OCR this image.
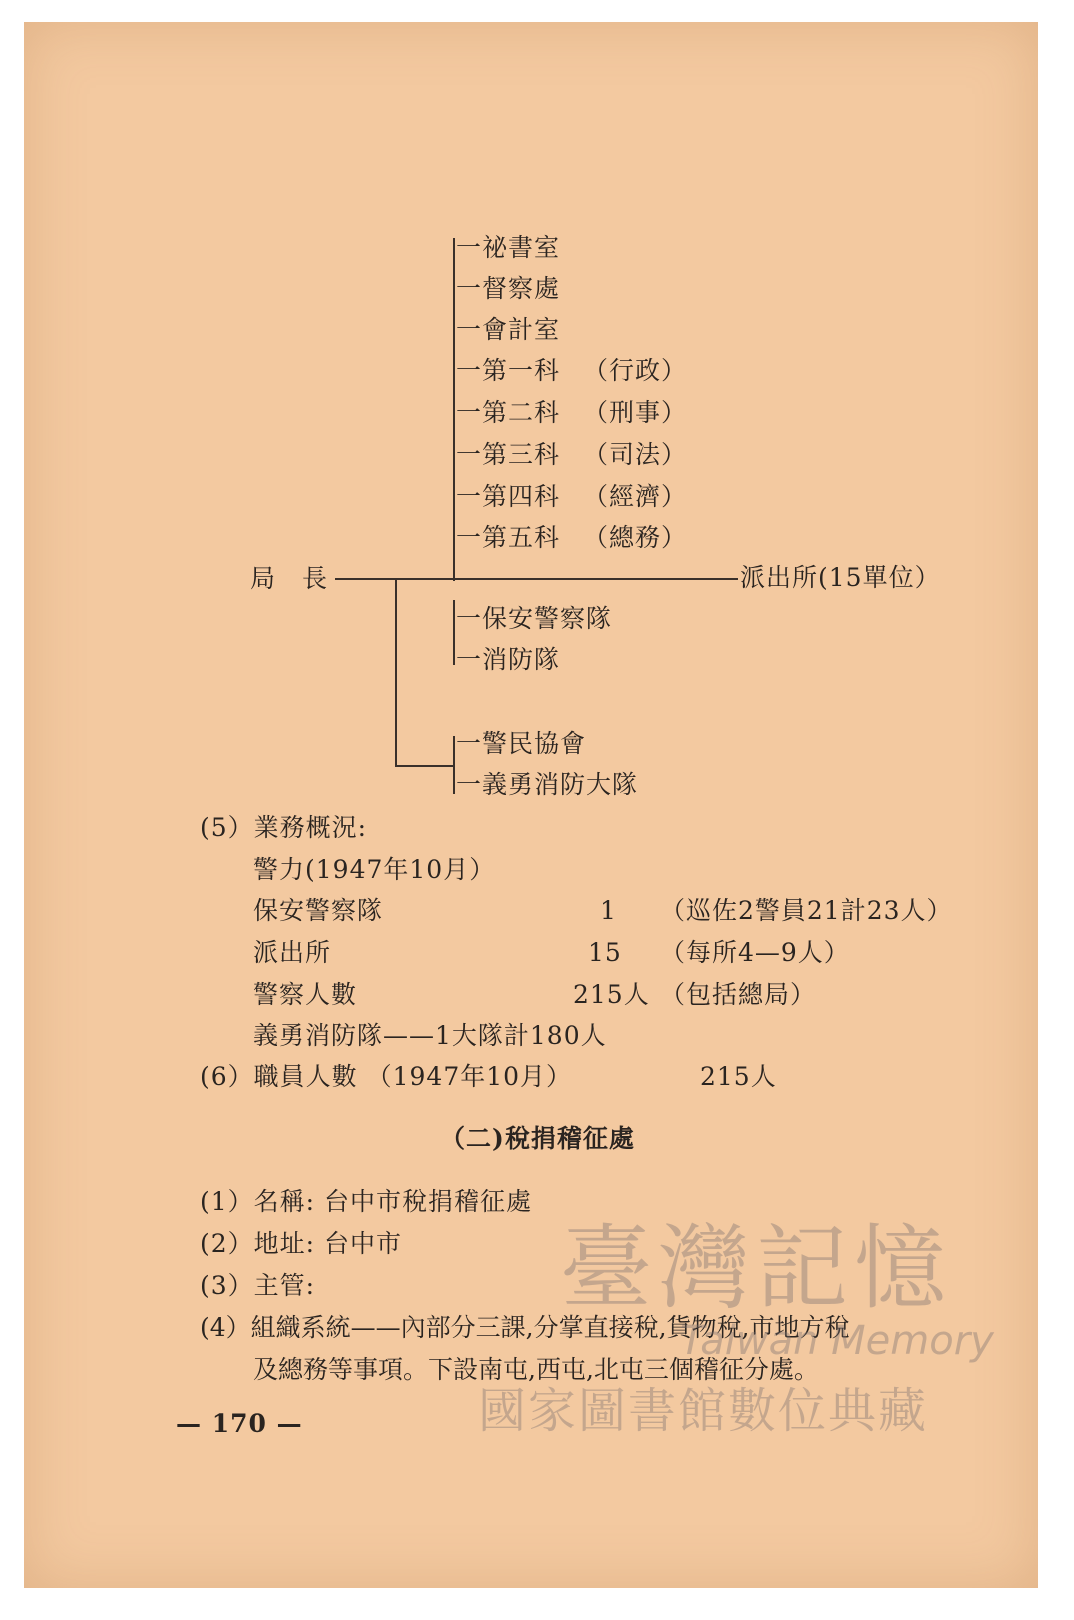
局　長
一祕書室
一督察處
一會計室
一第一科 （行政）
一第二科 （刑事）
一第三科 （司法）
一第四科 （經濟）
一第五科 （總務）
派出所(15單位）
一保安警察隊
一消防隊
一警民協會
一義勇消防大隊
(5）業務概況:
警力(1947年10月）
保安警察隊	1 （巡佐2警員21計23人）
派出所	15 （每所4—9人）
警察人數	215人 （包括總局）
義勇消防隊——1大隊計180人
(6）職員人數 （1947年10月）	215人
（二)稅捐稽征處
(1）名稱: 台中市稅捐稽征處
(2）地址: 台中市
(3）主管:
(4）組織系統——內部分三課,分掌直接稅,貨物稅,市地方稅
及總務等事項。下設南屯,西屯,北屯三個稽征分處。
— 170 —
臺灣記憶
Taiwan Memory
國家圖書館數位典藏
